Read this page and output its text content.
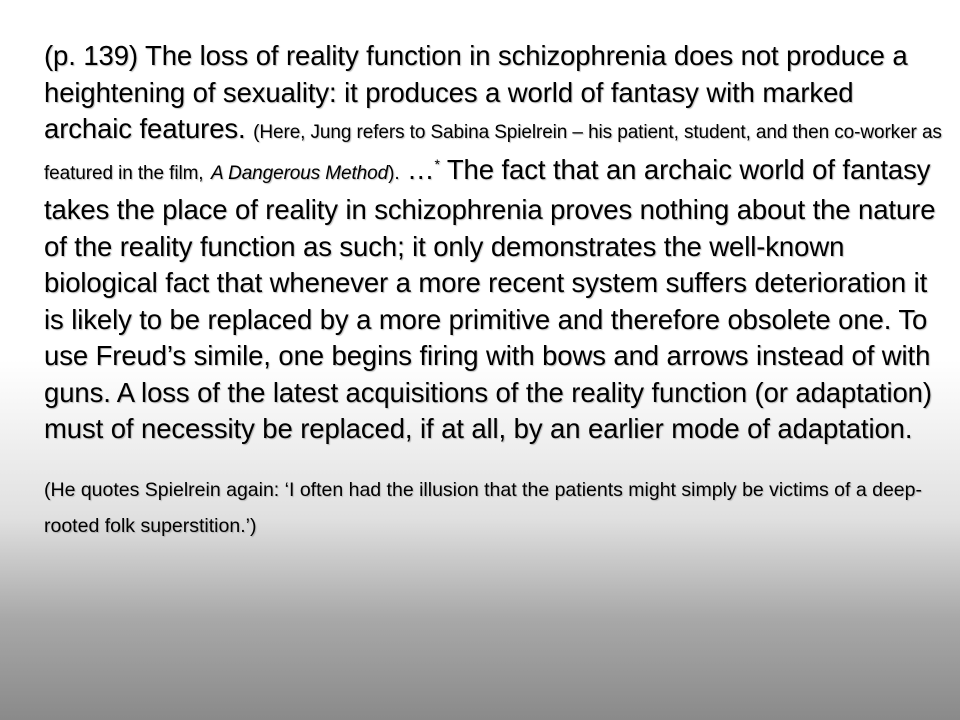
(p. 139) The loss of reality function in schizophrenia does not produce a heightening of sexuality: it produces a world of fantasy with marked archaic features. (Here, Jung refers to Sabina Spielrein – his patient, student, and then co-worker as featured in the film, A Dangerous Method). …* The fact that an archaic world of fantasy takes the place of reality in schizophrenia proves nothing about the nature of the reality function as such; it only demonstrates the well-known biological fact that whenever a more recent system suffers deterioration it is likely to be replaced by a more primitive and therefore obsolete one. To use Freud’s simile, one begins firing with bows and arrows instead of with guns. A loss of the latest acquisitions of the reality function (or adaptation) must of necessity be replaced, if at all, by an earlier mode of adaptation.

(He quotes Spielrein again: ‘I often had the illusion that the patients might simply be victims of a deep-rooted folk superstition.’)
